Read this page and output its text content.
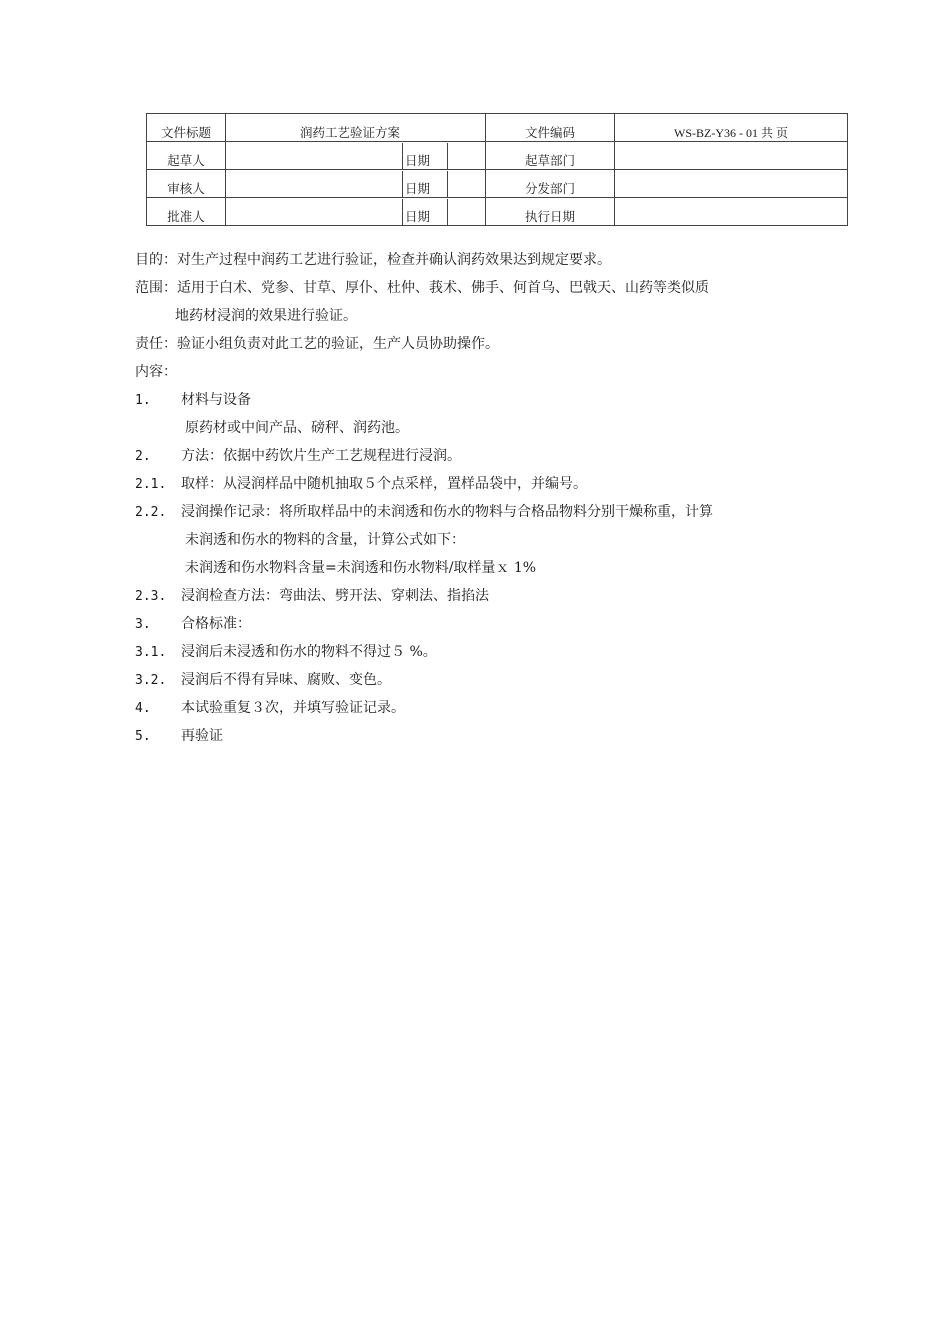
文件标题	润药工艺验证方案	文件编码	WS-BZ-Y36 - 01 共 页
起草人	日期	起草部门	
审核人	日期	分发部门	
批准人	日期	执行日期	
目的：对生产过程中润药工艺进行验证，检查并确认润药效果达到规定要求。
范围：适用于白术、党参、甘草、厚仆、杜仲、莪术、佛手、何首乌、巴戟天、山药等类似质
地药材浸润的效果进行验证。
责任：验证小组负责对此工艺的验证，生产人员协助操作。
内容：
1. 材料与设备
原药材或中间产品、磅秤、润药池。
2. 方法：依据中药饮片生产工艺规程进行浸润。
2.1. 取样：从浸润样品中随机抽取５个点采样，置样品袋中，并编号。
2.2. 浸润操作记录：将所取样品中的未润透和伤水的物料与合格品物料分别干燥称重，计算
未润透和伤水的物料的含量，计算公式如下：
未润透和伤水物料含量=未润透和伤水物料/取样量ｘ 1%
2.3. 浸润检查方法：弯曲法、劈开法、穿刺法、指掐法
3. 合格标准：
3.1. 浸润后未浸透和伤水的物料不得过５ %。
3.2. 浸润后不得有异味、腐败、变色。
4. 本试验重复３次，并填写验证记录。
5. 再验证
